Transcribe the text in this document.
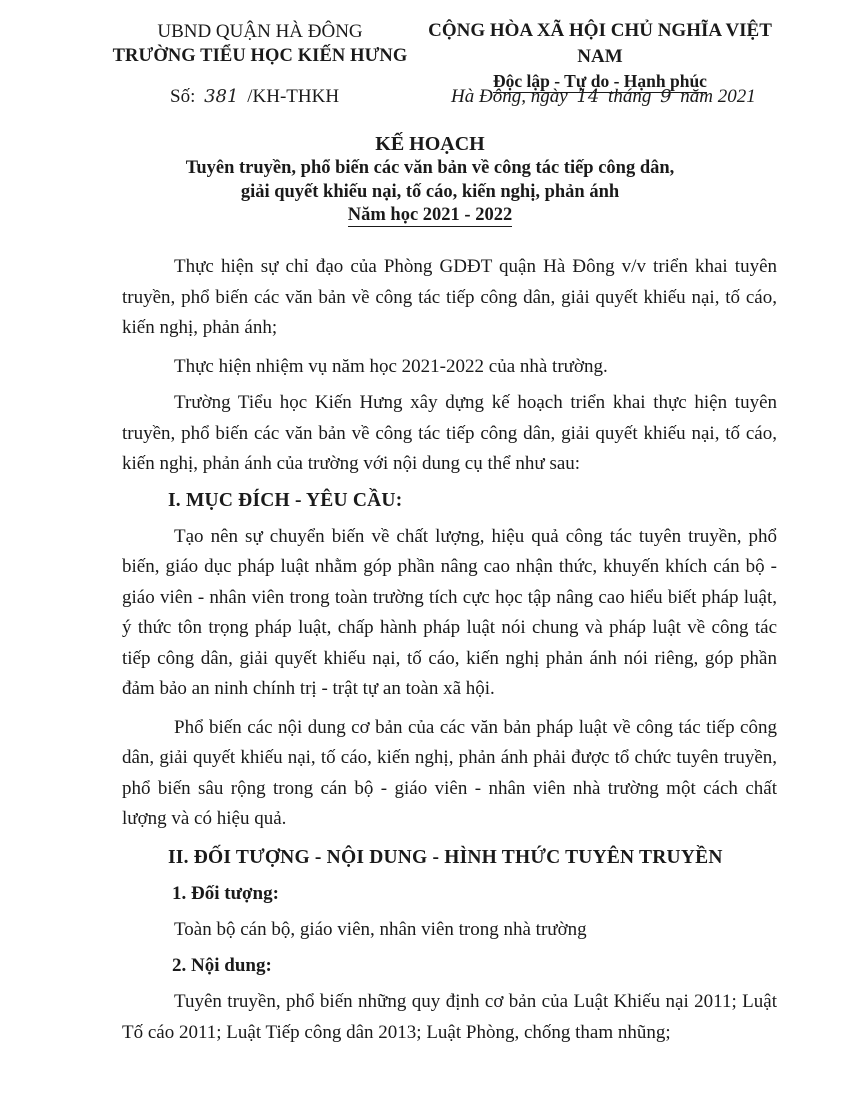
UBND QUẬN HÀ ĐÔNG
TRƯỜNG TIỂU HỌC KIẾN HƯNG
CỘNG HÒA XÃ HỘI CHỦ NGHĨA VIỆT NAM
Độc lập - Tự do - Hạnh phúc
Số: 381 /KH-THKH	Hà Đông, ngày 14 tháng 9 năm 2021
KẾ HOẠCH
Tuyên truyền, phổ biến các văn bản về công tác tiếp công dân,
giải quyết khiếu nại, tố cáo, kiến nghị, phản ánh
Năm học 2021 - 2022

Thực hiện sự chỉ đạo của Phòng GDĐT quận Hà Đông v/v triển khai tuyên truyền, phổ biến các văn bản về công tác tiếp công dân, giải quyết khiếu nại, tố cáo, kiến nghị, phản ánh;

Thực hiện nhiệm vụ năm học 2021-2022 của nhà trường.

Trường Tiểu học Kiến Hưng xây dựng kế hoạch triển khai thực hiện tuyên truyền, phổ biến các văn bản về công tác tiếp công dân, giải quyết khiếu nại, tố cáo, kiến nghị, phản ánh của trường với nội dung cụ thể như sau:

I. MỤC ĐÍCH - YÊU CẦU:

Tạo nên sự chuyển biến về chất lượng, hiệu quả công tác tuyên truyền, phổ biến, giáo dục pháp luật nhằm góp phần nâng cao nhận thức, khuyến khích cán bộ - giáo viên - nhân viên trong toàn trường tích cực học tập nâng cao hiểu biết pháp luật, ý thức tôn trọng pháp luật, chấp hành pháp luật nói chung và pháp luật về công tác tiếp công dân, giải quyết khiếu nại, tố cáo, kiến nghị phản ánh nói riêng, góp phần đảm bảo an ninh chính trị - trật tự an toàn xã hội.

Phổ biến các nội dung cơ bản của các văn bản pháp luật về công tác tiếp công dân, giải quyết khiếu nại, tố cáo, kiến nghị, phản ánh phải được tổ chức tuyên truyền, phổ biến sâu rộng trong cán bộ - giáo viên - nhân viên nhà trường một cách chất lượng và có hiệu quả.

II. ĐỐI TƯỢNG - NỘI DUNG - HÌNH THỨC TUYÊN TRUYỀN
1. Đối tượng:

Toàn bộ cán bộ, giáo viên, nhân viên trong nhà trường

2. Nội dung:

Tuyên truyền, phổ biến những quy định cơ bản của Luật Khiếu nại 2011; Luật Tố cáo 2011; Luật Tiếp công dân 2013; Luật Phòng, chống tham nhũng;
